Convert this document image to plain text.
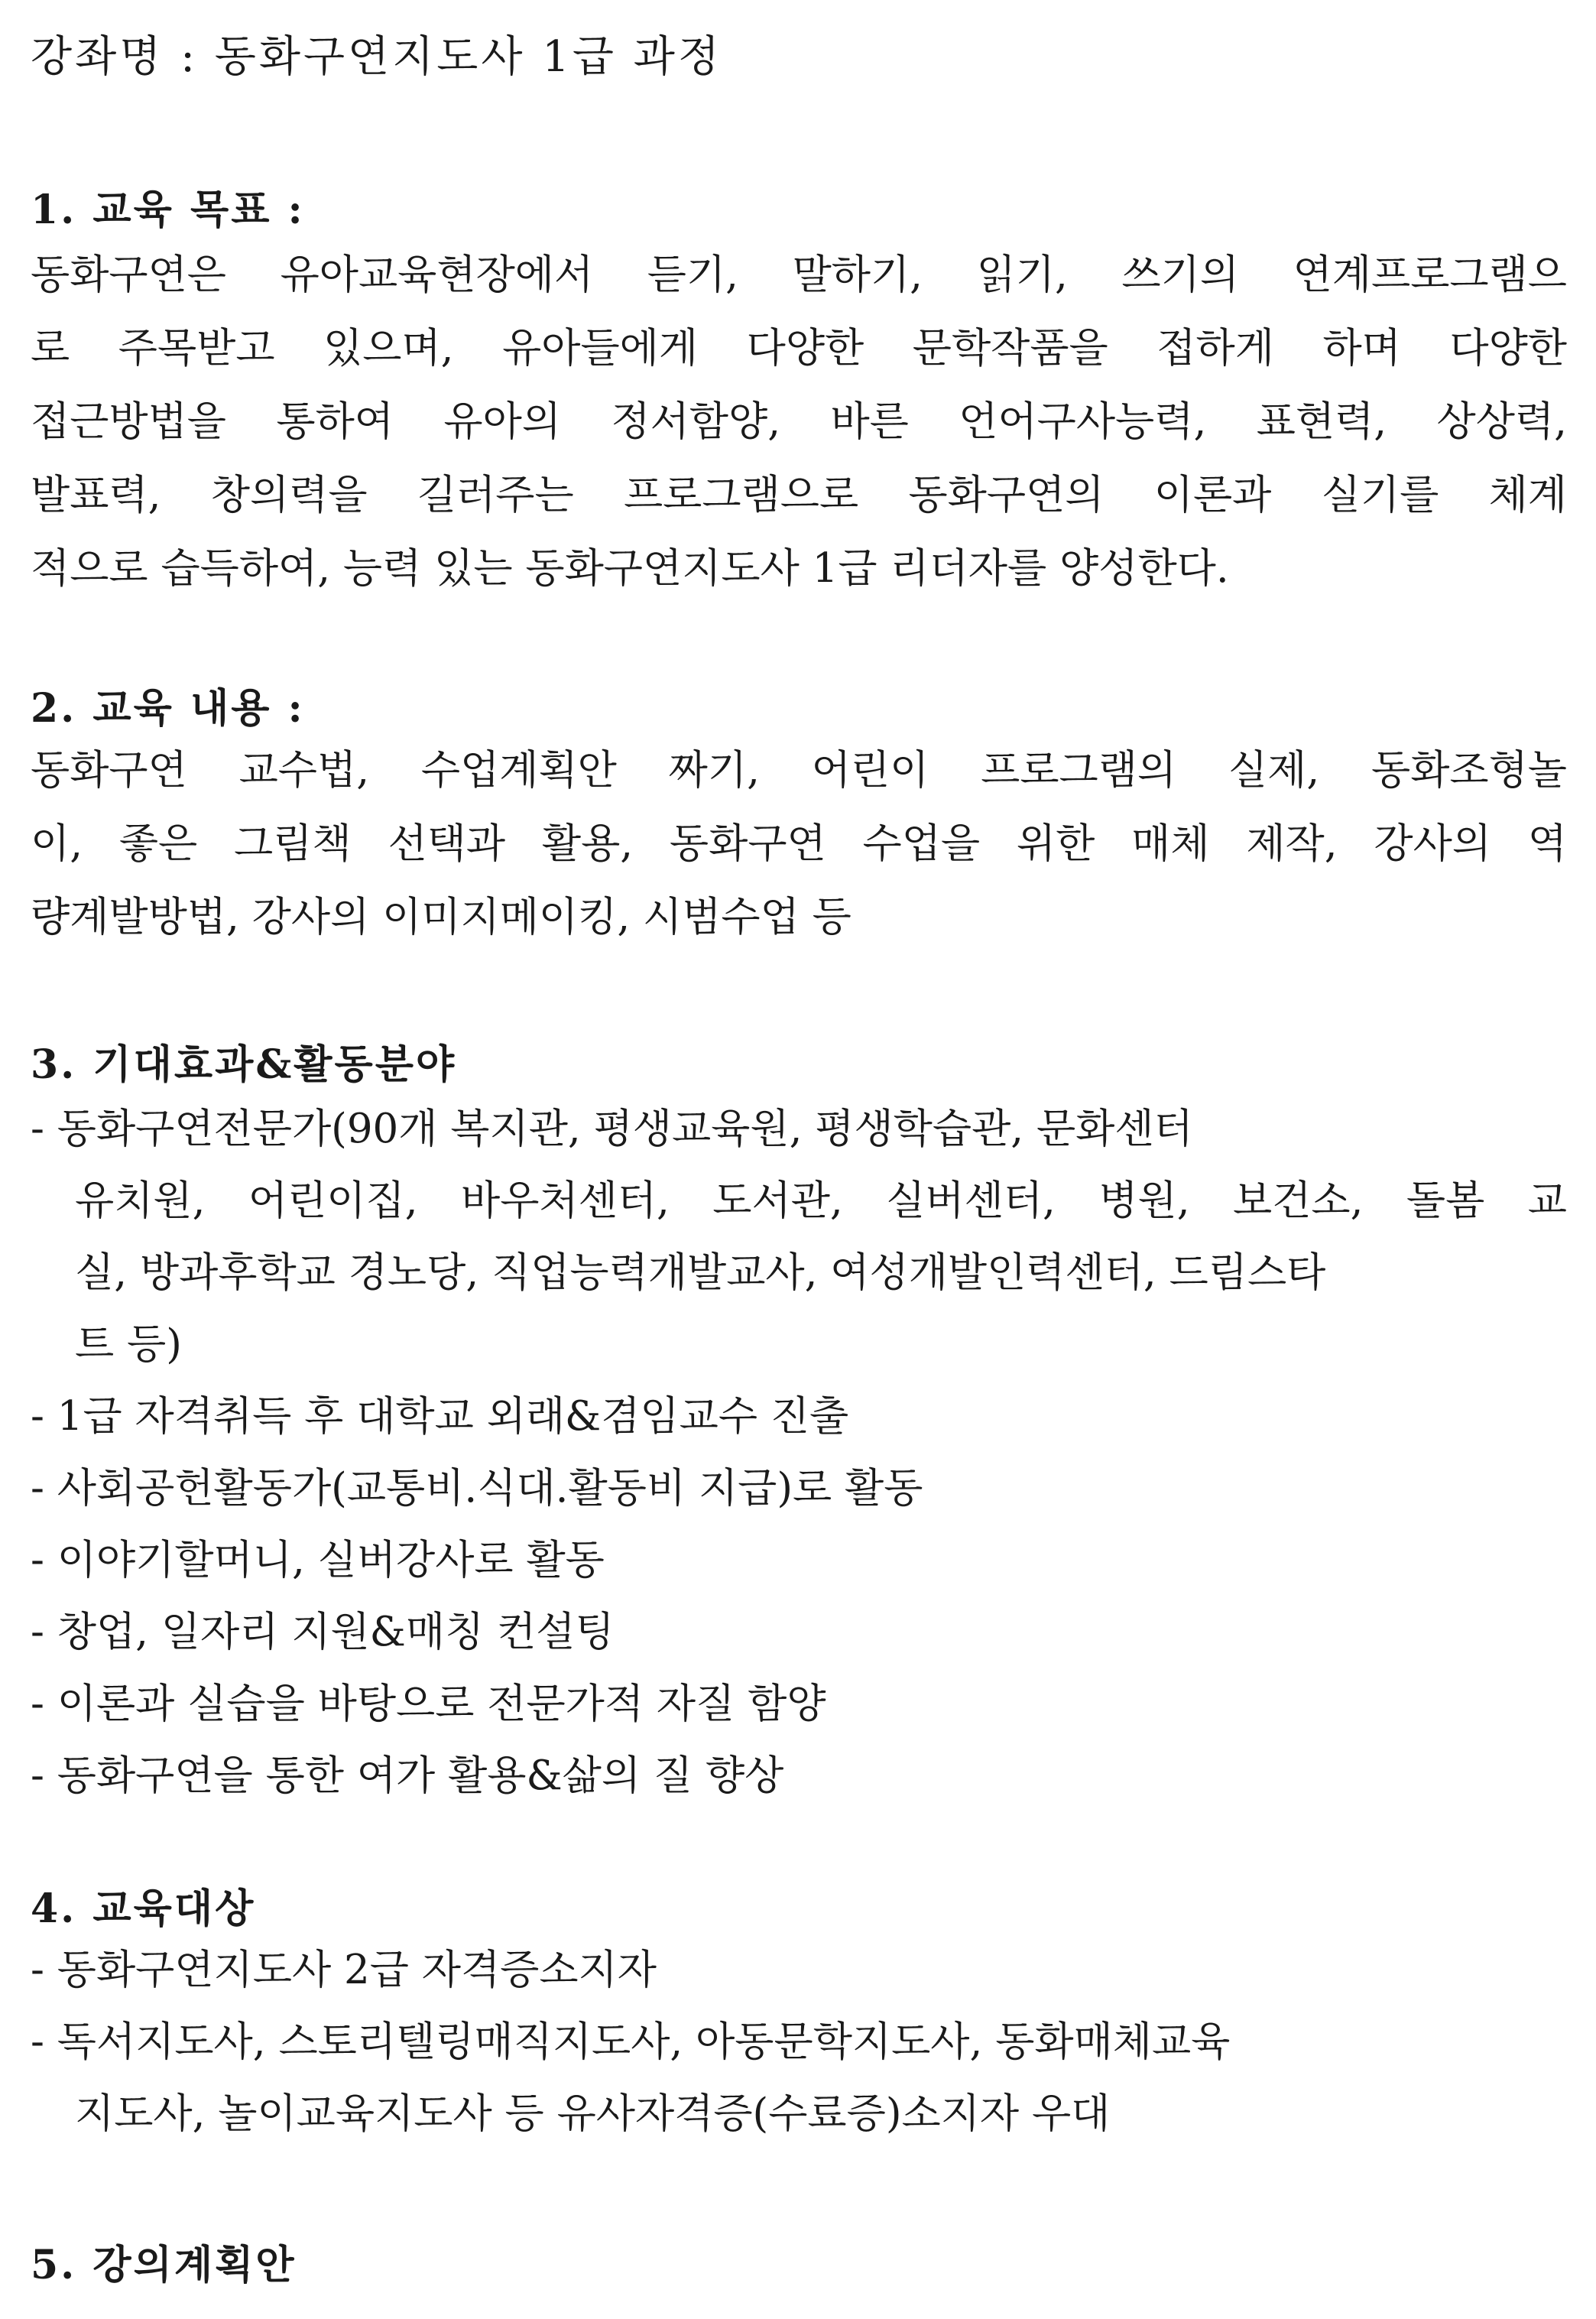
강좌명 : 동화구연지도사 1급 과정
1. 교육 목표 :
동화구연은 유아교육현장에서 듣기, 말하기, 읽기, 쓰기의 연계프로그램으
로 주목받고 있으며, 유아들에게 다양한 문학작품을 접하게 하며 다양한
접근방법을 통하여 유아의 정서함양, 바른 언어구사능력, 표현력, 상상력,
발표력, 창의력을 길러주는 프로그램으로 동화구연의 이론과 실기를 체계
적으로 습득하여, 능력 있는 동화구연지도사 1급 리더자를 양성한다.
2. 교육 내용 :
동화구연 교수법, 수업계획안 짜기, 어린이 프로그램의 실제, 동화조형놀
이, 좋은 그림책 선택과 활용, 동화구연 수업을 위한 매체 제작, 강사의 역
량계발방법, 강사의 이미지메이킹, 시범수업 등
3. 기대효과&활동분야
- 동화구연전문가(90개 복지관, 평생교육원, 평생학습관, 문화센터
유치원, 어린이집, 바우처센터, 도서관, 실버센터, 병원, 보건소, 돌봄 교
실, 방과후학교 경노당, 직업능력개발교사, 여성개발인력센터, 드림스타
트 등)
- 1급 자격취득 후 대학교 외래&겸임교수 진출
- 사회공헌활동가(교통비.식대.활동비 지급)로 활동
- 이야기할머니, 실버강사로 활동
- 창업, 일자리 지원&매칭 컨설팅
- 이론과 실습을 바탕으로 전문가적 자질 함양
- 동화구연을 통한 여가 활용&삶의 질 향상
4. 교육대상
- 동화구연지도사 2급 자격증소지자
- 독서지도사, 스토리텔링매직지도사, 아동문학지도사, 동화매체교육
지도사, 놀이교육지도사 등 유사자격증(수료증)소지자 우대
5. 강의계획안
